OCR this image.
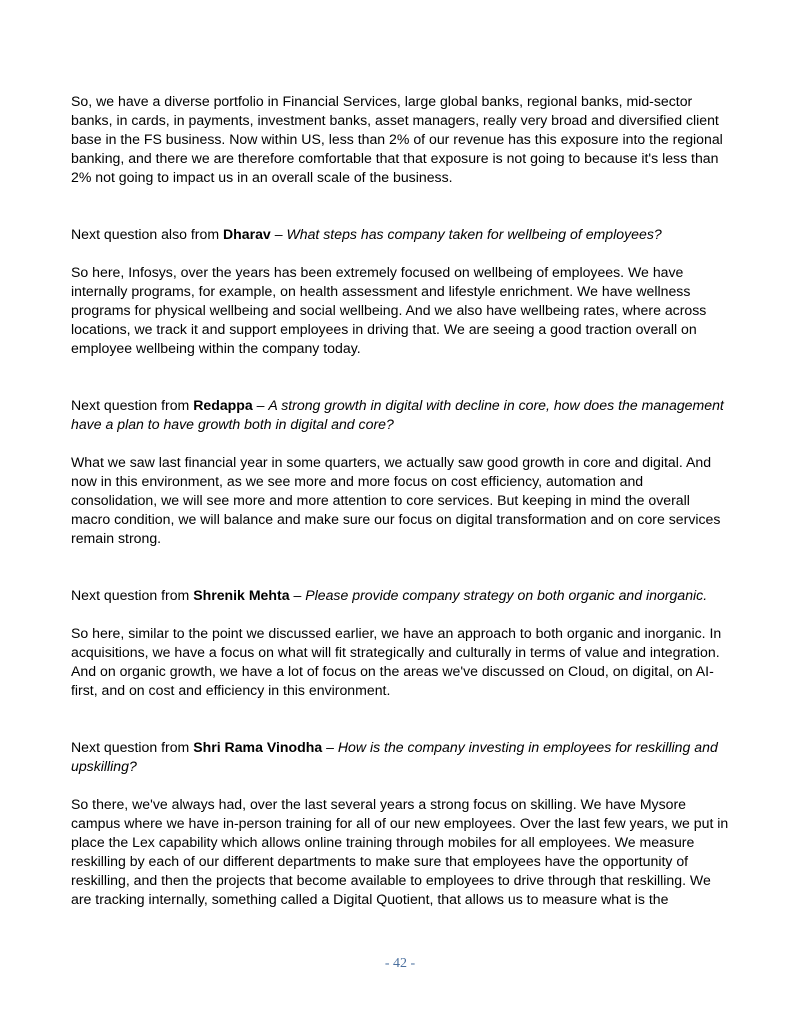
So, we have a diverse portfolio in Financial Services, large global banks, regional banks, mid-sector banks, in cards, in payments, investment banks, asset managers, really very broad and diversified client base in the FS business. Now within US, less than 2% of our revenue has this exposure into the regional banking, and there we are therefore comfortable that that exposure is not going to because it's less than 2% not going to impact us in an overall scale of the business.

Next question also from Dharav – What steps has company taken for wellbeing of employees?

So here, Infosys, over the years has been extremely focused on wellbeing of employees. We have internally programs, for example, on health assessment and lifestyle enrichment. We have wellness programs for physical wellbeing and social wellbeing. And we also have wellbeing rates, where across locations, we track it and support employees in driving that. We are seeing a good traction overall on employee wellbeing within the company today.

Next question from Redappa – A strong growth in digital with decline in core, how does the management have a plan to have growth both in digital and core?

What we saw last financial year in some quarters, we actually saw good growth in core and digital. And now in this environment, as we see more and more focus on cost efficiency, automation and consolidation, we will see more and more attention to core services. But keeping in mind the overall macro condition, we will balance and make sure our focus on digital transformation and on core services remain strong.

Next question from Shrenik Mehta – Please provide company strategy on both organic and inorganic.

So here, similar to the point we discussed earlier, we have an approach to both organic and inorganic. In acquisitions, we have a focus on what will fit strategically and culturally in terms of value and integration. And on organic growth, we have a lot of focus on the areas we've discussed on Cloud, on digital, on AI-first, and on cost and efficiency in this environment.

Next question from Shri Rama Vinodha – How is the company investing in employees for reskilling and upskilling?

So there, we've always had, over the last several years a strong focus on skilling. We have Mysore campus where we have in-person training for all of our new employees. Over the last few years, we put in place the Lex capability which allows online training through mobiles for all employees. We measure reskilling by each of our different departments to make sure that employees have the opportunity of reskilling, and then the projects that become available to employees to drive through that reskilling. We are tracking internally, something called a Digital Quotient, that allows us to measure what is the

- 42 -
